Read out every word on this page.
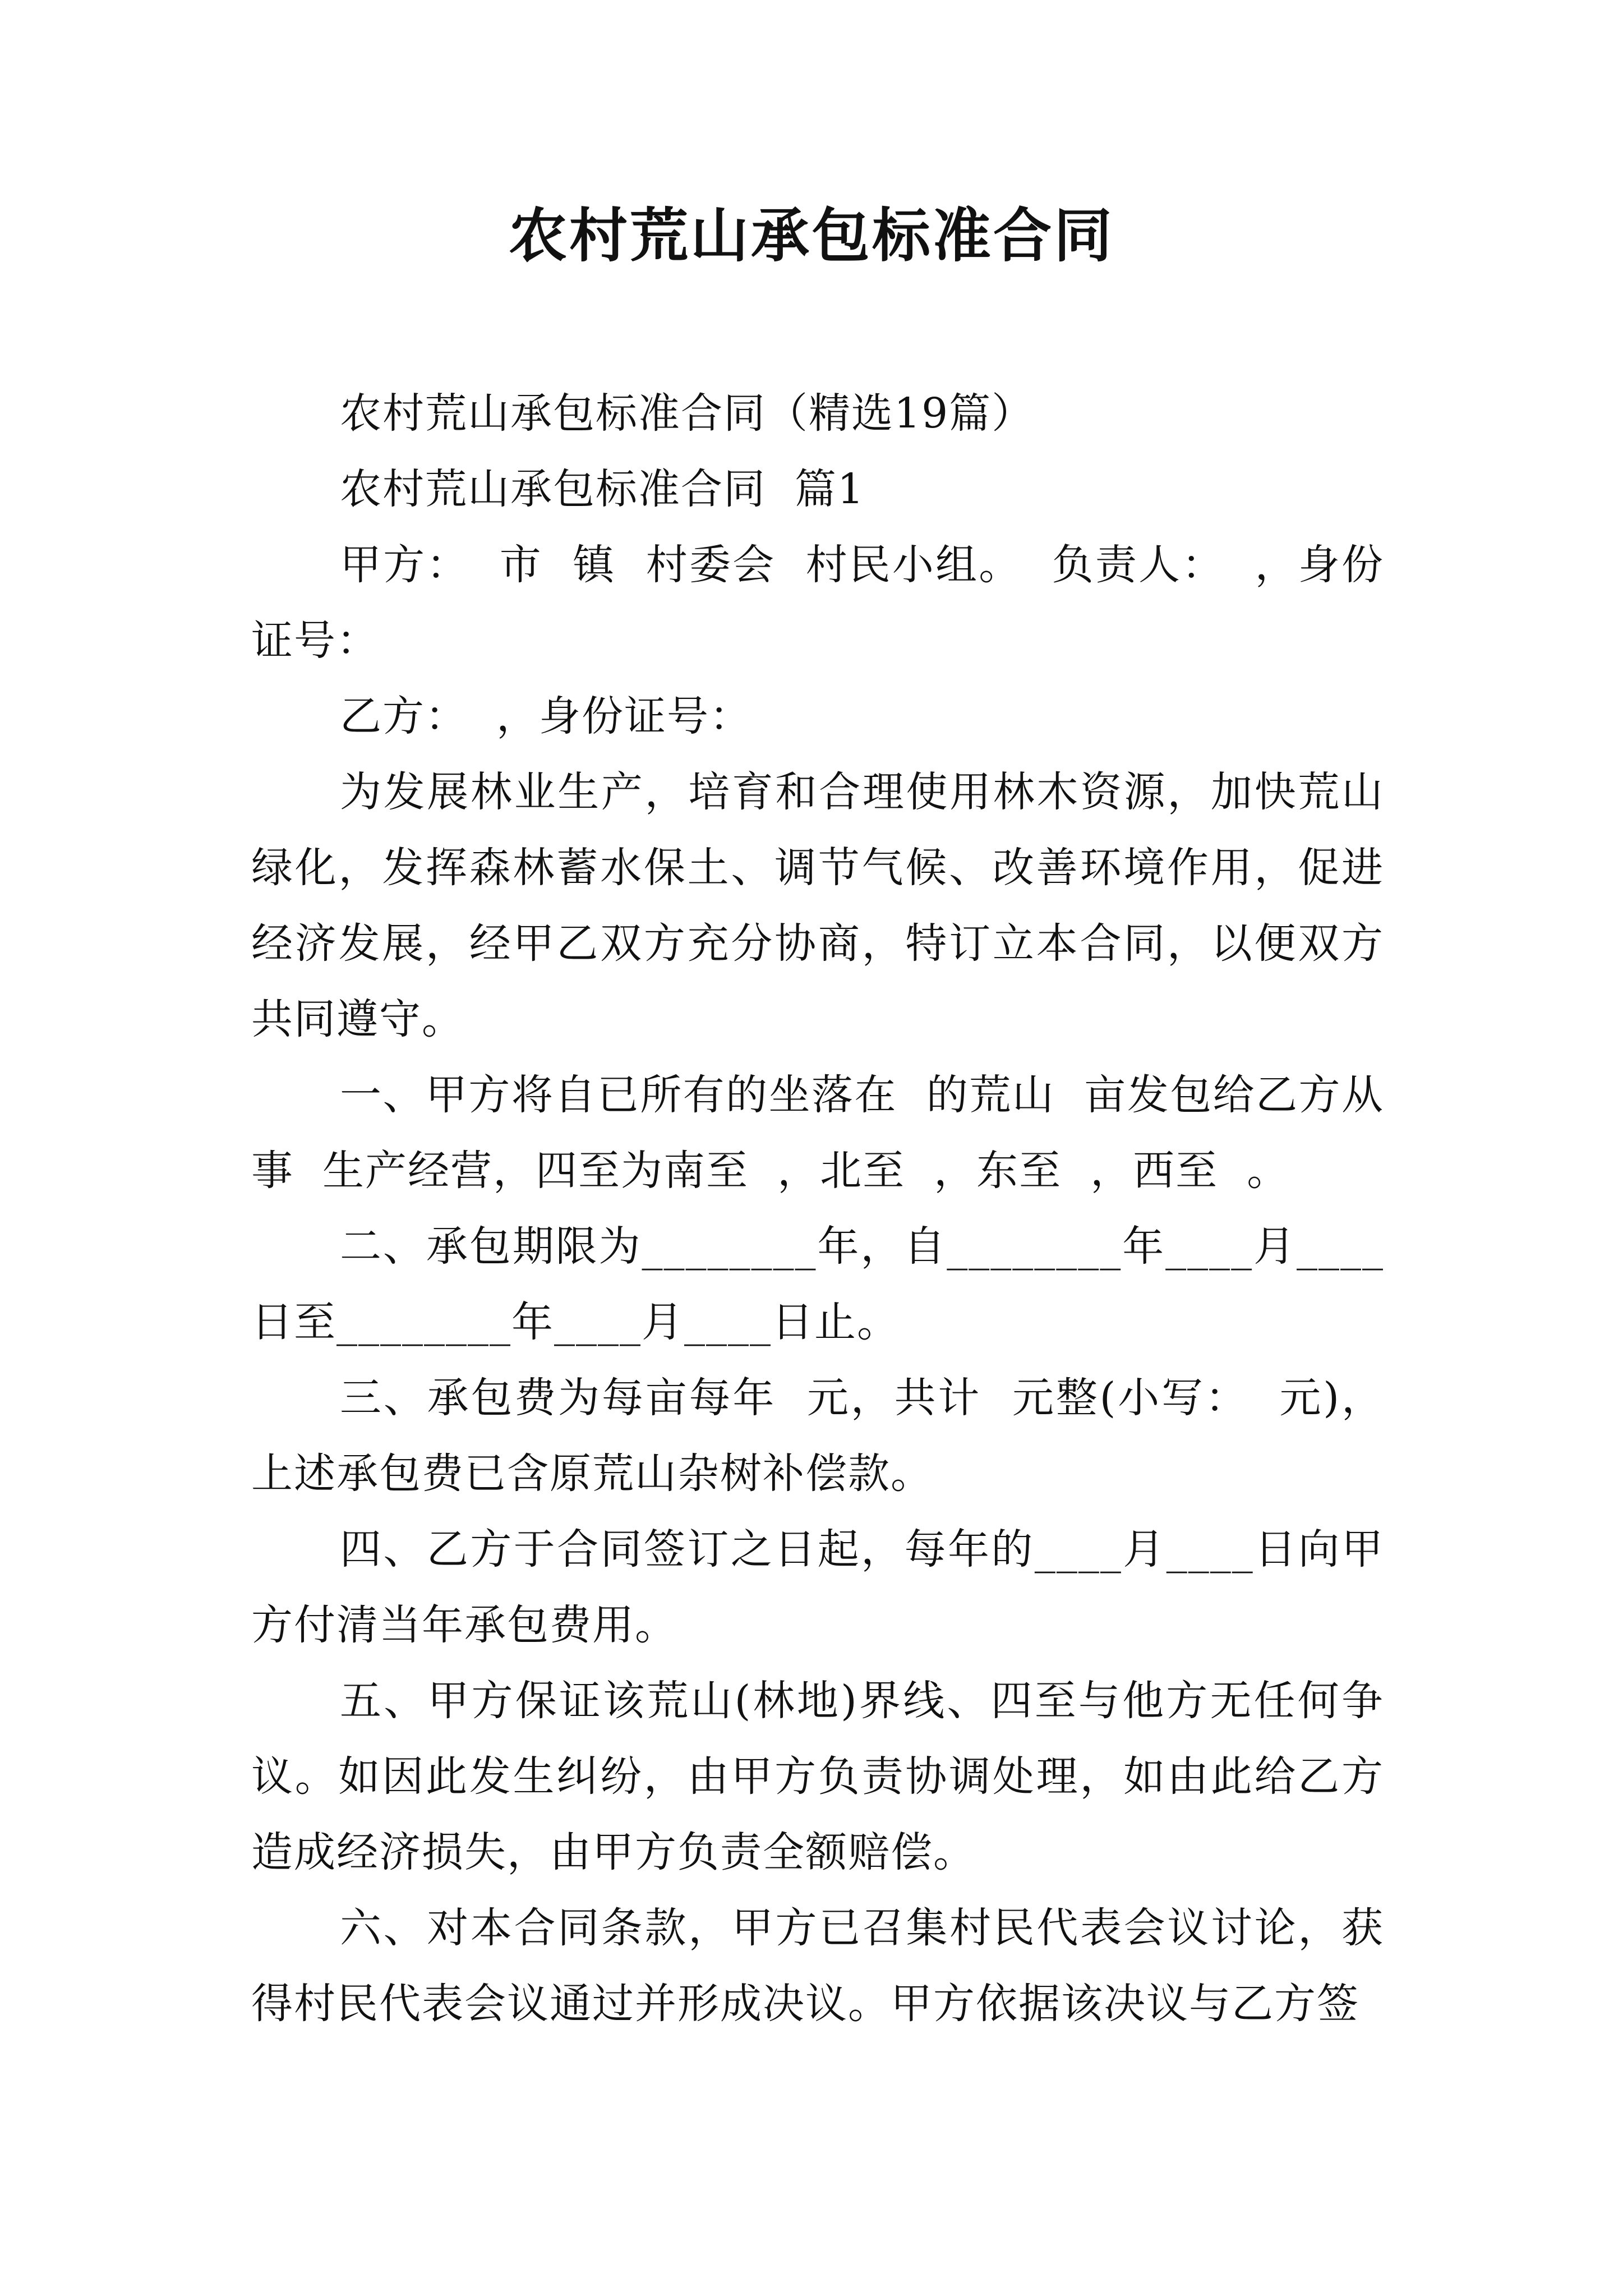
农村荒山承包标准合同

农村荒山承包标准合同（精选19篇）

农村荒山承包标准合同  篇1

甲方：  市  镇  村委会  村民小组。  负责人：  ，身份证号：

乙方：  ，身份证号：

为发展林业生产，培育和合理使用林木资源，加快荒山绿化，发挥森林蓄水保土、调节气候、改善环境作用，促进经济发展，经甲乙双方充分协商，特订立本合同，以便双方共同遵守。

一、甲方将自已所有的坐落在  的荒山  亩发包给乙方从事  生产经营，四至为南至  ，北至  ，东至  ，西至  。

二、承包期限为________年，自________年____月____日至________年____月____日止。

三、承包费为每亩每年  元，共计  元整(小写：  元)，上述承包费已含原荒山杂树补偿款。

四、乙方于合同签订之日起，每年的____月____日向甲方付清当年承包费用。

五、甲方保证该荒山(林地)界线、四至与他方无任何争议。如因此发生纠纷，由甲方负责协调处理，如由此给乙方造成经济损失，由甲方负责全额赔偿。

六、对本合同条款，甲方已召集村民代表会议讨论，获得村民代表会议通过并形成决议。甲方依据该决议与乙方签
